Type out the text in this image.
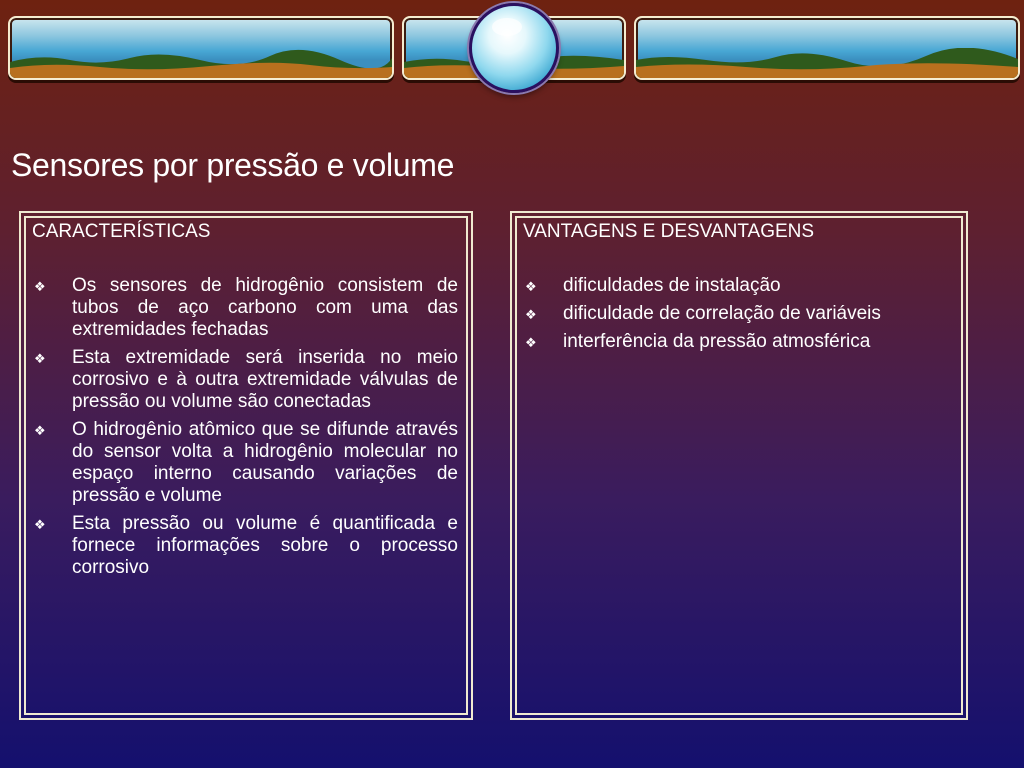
Sensores por pressão e volume
CARACTERÍSTICAS
❖ Os sensores de hidrogênio consistem de tubos de aço carbono com uma das extremidades fechadas
❖ Esta extremidade será inserida no meio corrosivo e à outra extremidade válvulas de pressão ou volume são conectadas
❖ O hidrogênio atômico que se difunde através do sensor volta a hidrogênio molecular no espaço interno causando variações de pressão e volume
❖ Esta pressão ou volume é quantificada e fornece informações sobre o processo corrosivo
VANTAGENS E DESVANTAGENS
❖ dificuldades de instalação
❖ dificuldade de correlação de variáveis
❖ interferência da pressão atmosférica
